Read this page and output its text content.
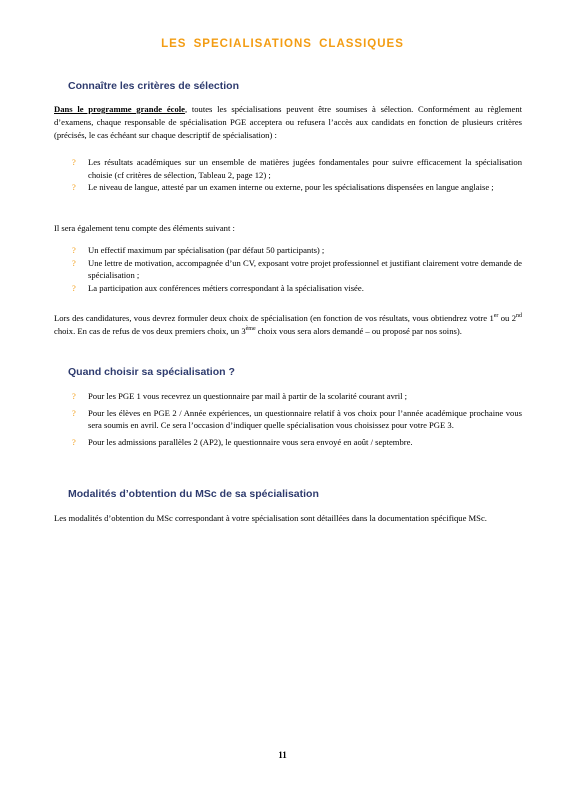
LES SPECIALISATIONS CLASSIQUES
Connaître les critères de sélection
Dans le programme grande école, toutes les spécialisations peuvent être soumises à sélection. Conformément au règlement d’examens, chaque responsable de spécialisation PGE acceptera ou refusera l’accès aux candidats en fonction de plusieurs critères (précisés, le cas échéant sur chaque descriptif de spécialisation) :
? Les résultats académiques sur un ensemble de matières jugées fondamentales pour suivre efficacement la spécialisation choisie (cf critères de sélection, Tableau 2, page 12) ;
? Le niveau de langue, attesté par un examen interne ou externe, pour les spécialisations dispensées en langue anglaise ;
Il sera également tenu compte des éléments suivant :
? Un effectif maximum par spécialisation (par défaut 50 participants) ;
? Une lettre de motivation, accompagnée d’un CV, exposant votre projet professionnel et justifiant clairement votre demande de spécialisation ;
? La participation aux conférences métiers correspondant à la spécialisation visée.
Lors des candidatures, vous devrez formuler deux choix de spécialisation (en fonction de vos résultats, vous obtiendrez votre 1er ou 2nd choix. En cas de refus de vos deux premiers choix, un 3ème choix vous sera alors demandé – ou proposé par nos soins).
Quand choisir sa spécialisation ?
? Pour les PGE 1 vous recevrez un questionnaire par mail à partir de la scolarité courant avril ;
? Pour les élèves en PGE 2 / Année expériences, un questionnaire relatif à vos choix pour l’année académique prochaine vous sera soumis en avril. Ce sera l’occasion d’indiquer quelle spécialisation vous choisissez pour votre PGE 3.
? Pour les admissions parallèles 2 (AP2), le questionnaire vous sera envoyé en août / septembre.
Modalités d’obtention du MSc de sa spécialisation
Les modalités d’obtention du MSc correspondant à votre spécialisation sont détaillées dans la documentation spécifique MSc.
11
